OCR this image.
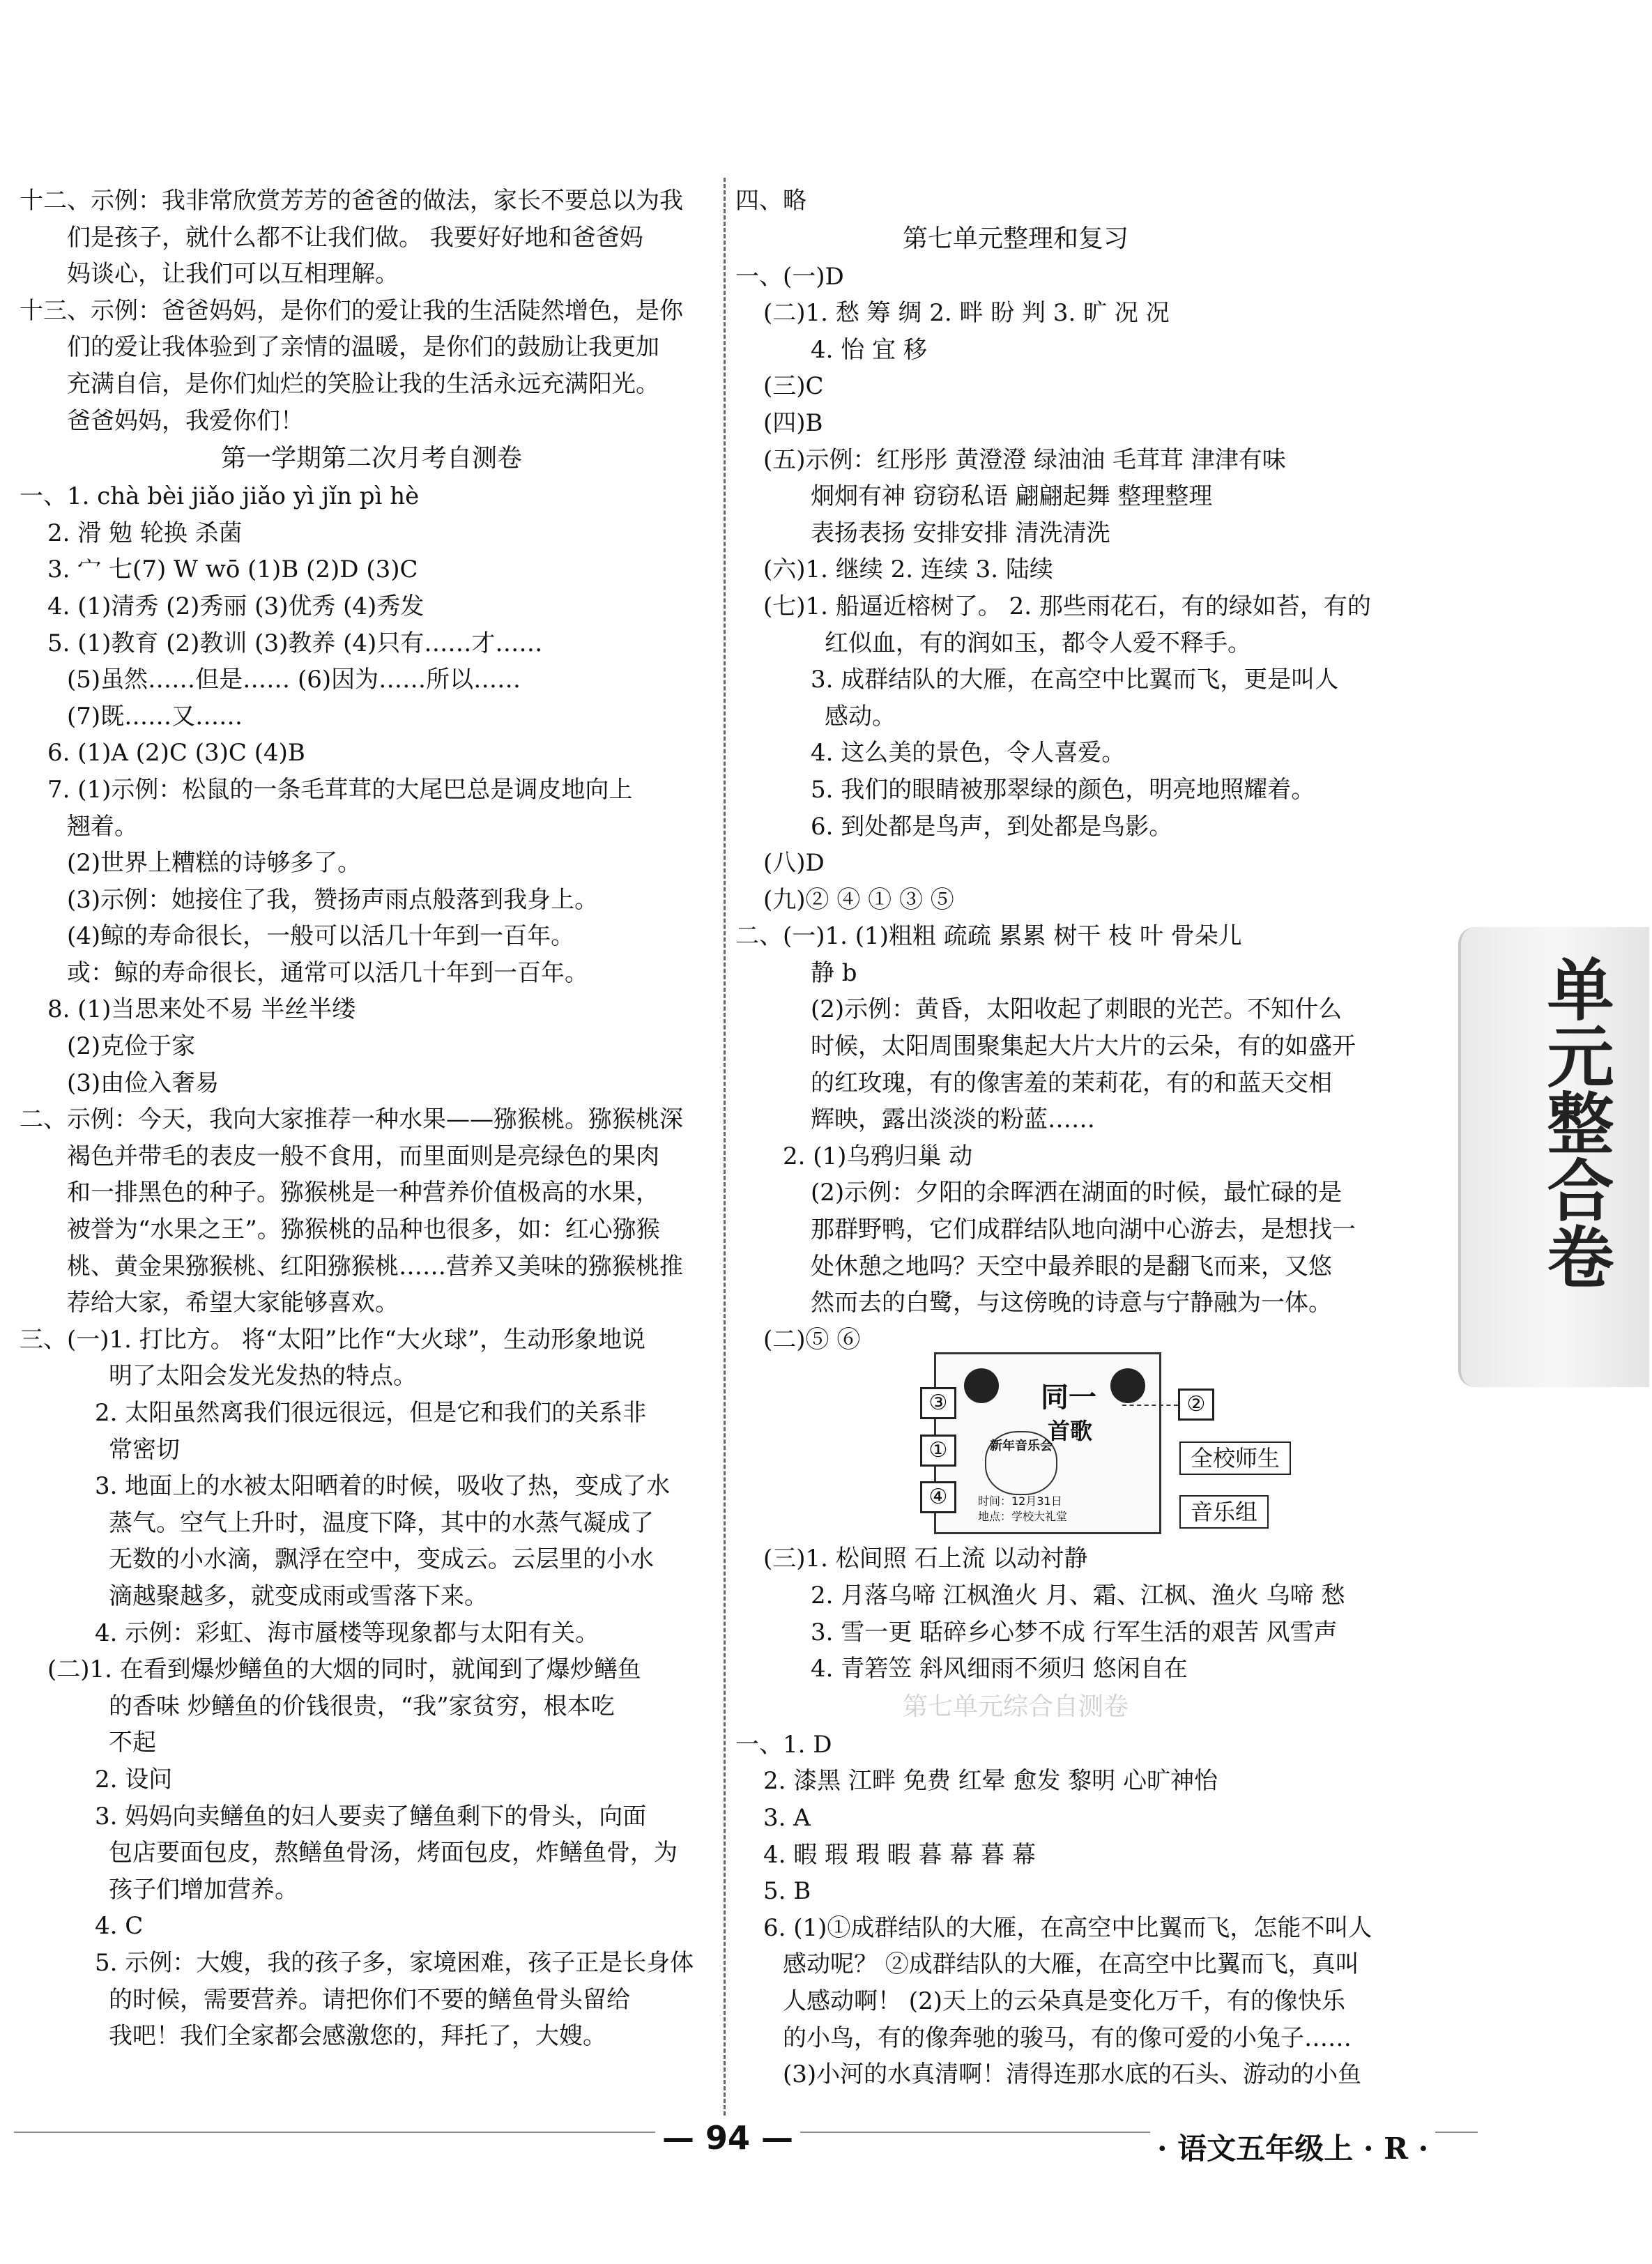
十二、示例：我非常欣赏芳芳的爸爸的做法，家长不要总以为我
们是孩子，就什么都不让我们做。 我要好好地和爸爸妈
妈谈心，让我们可以互相理解。
十三、示例：爸爸妈妈，是你们的爱让我的生活陡然增色，是你
们的爱让我体验到了亲情的温暖，是你们的鼓励让我更加
充满自信，是你们灿烂的笑脸让我的生活永远充满阳光。
爸爸妈妈，我爱你们！
第一学期第二次月考自测卷
一、1. chà bèi jiǎo jiǎo yì jǐn pì hè
2. 滑 勉 轮换 杀菌
3. 宀 七(7) W wō (1)B (2)D (3)C
4. (1)清秀 (2)秀丽 (3)优秀 (4)秀发
5. (1)教育 (2)教训 (3)教养 (4)只有……才……
(5)虽然……但是…… (6)因为……所以……
(7)既……又……
6. (1)A (2)C (3)C (4)B
7. (1)示例：松鼠的一条毛茸茸的大尾巴总是调皮地向上
翘着。
(2)世界上糟糕的诗够多了。
(3)示例：她接住了我，赞扬声雨点般落到我身上。
(4)鲸的寿命很长，一般可以活几十年到一百年。
或：鲸的寿命很长，通常可以活几十年到一百年。
8. (1)当思来处不易 半丝半缕
(2)克俭于家
(3)由俭入奢易
二、示例：今天，我向大家推荐一种水果——猕猴桃。猕猴桃深
褐色并带毛的表皮一般不食用，而里面则是亮绿色的果肉
和一排黑色的种子。猕猴桃是一种营养价值极高的水果，
被誉为“水果之王”。猕猴桃的品种也很多，如：红心猕猴
桃、黄金果猕猴桃、红阳猕猴桃……营养又美味的猕猴桃推
荐给大家，希望大家能够喜欢。
三、(一)1. 打比方。 将“太阳”比作“大火球”，生动形象地说
明了太阳会发光发热的特点。
2. 太阳虽然离我们很远很远，但是它和我们的关系非
常密切
3. 地面上的水被太阳晒着的时候，吸收了热，变成了水
蒸气。空气上升时，温度下降，其中的水蒸气凝成了
无数的小水滴，飘浮在空中，变成云。云层里的小水
滴越聚越多，就变成雨或雪落下来。
4. 示例：彩虹、海市蜃楼等现象都与太阳有关。
(二)1. 在看到爆炒鳝鱼的大烟的同时，就闻到了爆炒鳝鱼
的香味 炒鳝鱼的价钱很贵，“我”家贫穷，根本吃
不起
2. 设问
3. 妈妈向卖鳝鱼的妇人要卖了鳝鱼剩下的骨头，向面
包店要面包皮，熬鳝鱼骨汤，烤面包皮，炸鳝鱼骨，为
孩子们增加营养。
4. C
5. 示例：大嫂，我的孩子多，家境困难，孩子正是长身体
的时候，需要营养。请把你们不要的鳝鱼骨头留给
我吧！我们全家都会感激您的，拜托了，大嫂。
四、略
第七单元整理和复习
一、(一)D
(二)1. 愁 筹 绸 2. 畔 盼 判 3. 旷 况 况
4. 怡 宜 移
(三)C
(四)B
(五)示例：红彤彤 黄澄澄 绿油油 毛茸茸 津津有味
炯炯有神 窃窃私语 翩翩起舞 整理整理
表扬表扬 安排安排 清洗清洗
(六)1. 继续 2. 连续 3. 陆续
(七)1. 船逼近榕树了。 2. 那些雨花石，有的绿如苔，有的
红似血，有的润如玉，都令人爱不释手。
3. 成群结队的大雁，在高空中比翼而飞，更是叫人
感动。
4. 这么美的景色，令人喜爱。
5. 我们的眼睛被那翠绿的颜色，明亮地照耀着。
6. 到处都是鸟声，到处都是鸟影。
(八)D
(九)② ④ ① ③ ⑤
二、(一)1. (1)粗粗 疏疏 累累 树干 枝 叶 骨朵儿
静 b
(2)示例：黄昏，太阳收起了刺眼的光芒。不知什么
时候，太阳周围聚集起大片大片的云朵，有的如盛开
的红玫瑰，有的像害羞的茉莉花，有的和蓝天交相
辉映，露出淡淡的粉蓝……
2. (1)乌鸦归巢 动
(2)示例：夕阳的余晖洒在湖面的时候，最忙碌的是
那群野鸭，它们成群结队地向湖中心游去，是想找一
处休憩之地吗？天空中最养眼的是翻飞而来，又悠
然而去的白鹭，与这傍晚的诗意与宁静融为一体。
(二)⑤ ⑥
(三)1. 松间照 石上流 以动衬静
2. 月落乌啼 江枫渔火 月、霜、江枫、渔火 乌啼 愁
3. 雪一更 聒碎乡心梦不成 行军生活的艰苦 风雪声
4. 青箬笠 斜风细雨不须归 悠闲自在
第七单元综合自测卷
一、1. D
2. 漆黑 江畔 免费 红晕 愈发 黎明 心旷神怡
3. A
4. 暇 瑕 瑕 暇 暮 幕 暮 幕
5. B
6. (1)①成群结队的大雁，在高空中比翼而飞，怎能不叫人
感动呢？ ②成群结队的大雁，在高空中比翼而飞，真叫
人感动啊！ (2)天上的云朵真是变化万千，有的像快乐
的小鸟，有的像奔驰的骏马，有的像可爱的小兔子……
(3)小河的水真清啊！清得连那水底的石头、游动的小鱼
同一
首歌
新年音乐会
时间：12月31日
地点：学校大礼堂
③
①
④
②
全校师生
音乐组
单元整合卷
— 94 —	· 语文五年级上 · R ·
